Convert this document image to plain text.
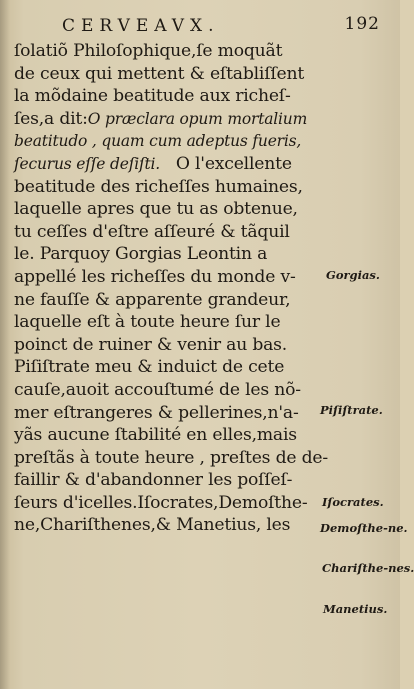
CERVEAVX.	192
ſolatiõ Philoſophique,ſe moquãt
de ceux qui mettent & eſtabliſſent
la mõdaine beatitude aux richeſ-
ſes,a dit:O præclara opum mortalium
beatitudo , quam cum adeptus fueris,
ſecurus eſſe deſiſti. O l'excellente
beatitude des richeſſes humaines,
laquelle apres que tu as obtenue,
tu ceſſes d'eſtre aſſeuré & tãquil
le. Parquoy Gorgias Leontin a
appellé les richeſſes du monde v-
ne fauſſe & apparente grandeur,
laquelle eſt à toute heure ſur le
poinct de ruiner & venir au bas.
Piſiſtrate meu & induict de cete
cauſe,auoit accouſtumé de les nõ-
mer eſtrangeres & pellerines,n'a-
yãs aucune ſtabilité en elles,mais
preſtãs à toute heure , preſtes de de-
faillir & d'abandonner les poſſeſ-
ſeurs d'icelles.Iſocrates,Demoſthe-
ne,Chariſthenes,& Manetius, les
Gorgias.
Piſiſtrate.
Iſocrates.
Demoſthe-ne.
Chariſthe-nes.
Manetius.
